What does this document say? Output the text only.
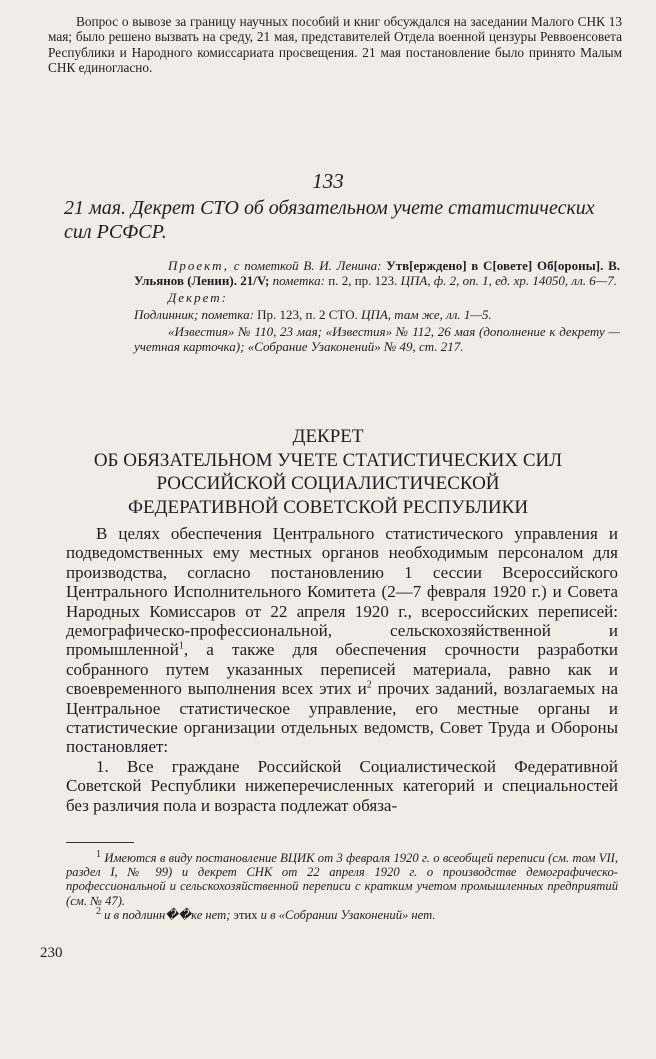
Вопрос о вывозе за границу научных пособий и книг обсуждался на заседании Малого СНК 13 мая; было решено вызвать на среду, 21 мая, представителей Отдела военной цензуры Реввоенсовета Республики и Народного комиссариата просвещения. 21 мая постановление было принято Малым СНК единогласно.

133
21 мая. Декрет СТО об обязательном учете статистических сил РСФСР.

Проект, с пометкой В. И. Ленина: Утв[ерждено] в С[овете] Об[ороны]. В. Ульянов (Ленин). 21/V; пометка: п. 2, пр. 123. ЦПА, ф. 2, оп. 1, ед. хр. 14050, лл. 6—7.

Декрет:

Подлинник; пометка: Пр. 123, п. 2 СТО. ЦПА, там же, лл. 1—5.

«Известия» № 110, 23 мая; «Известия» № 112, 26 мая (дополнение к декрету — учетная карточка); «Собрание Узаконений» № 49, ст. 217.

ДЕКРЕТ
ОБ ОБЯЗАТЕЛЬНОМ УЧЕТЕ СТАТИСТИЧЕСКИХ СИЛ
РОССИЙСКОЙ СОЦИАЛИСТИЧЕСКОЙ
ФЕДЕРАТИВНОЙ СОВЕТСКОЙ РЕСПУБЛИКИ

В целях обеспечения Центрального статистического управления и подведомственных ему местных органов необходимым персоналом для производства, согласно постановлению 1 сессии Всероссийского Центрального Исполнительного Комитета (2—7 февраля 1920 г.) и Совета Народных Комиссаров от 22 апреля 1920 г., всероссийских переписей: демографическо-профессиональной, сельскохозяйственной и промышленной$^1$, а также для обеспечения срочности разработки собранного путем указанных переписей материала, равно как и своевременного выполнения всех этих $и^2$ прочих заданий, возлагаемых на Центральное статистическое управление, его местные органы и статистические организации отдельных ведомств, Совет Труда и Обороны постановляет:

1. Все граждане Российской Социалистической Федеративной Советской Республики нижеперечисленных категорий и специальностей без различия пола и возраста подлежат обяза-

$^1$ Имеются в виду постановление ВЦИК от 3 февраля 1920 г. о всеобщей переписи (см. том VII, раздел I, № 99) и декрет СНК от 22 апреля 1920 г. о производстве демографическо-профессиональной и сельскохозяйственной переписи с кратким учетом промышленных предприятий (см. № 47).

$^2$ и в подлинн��ке нет; этих и в «Собрании Узаконений» нет.

230
